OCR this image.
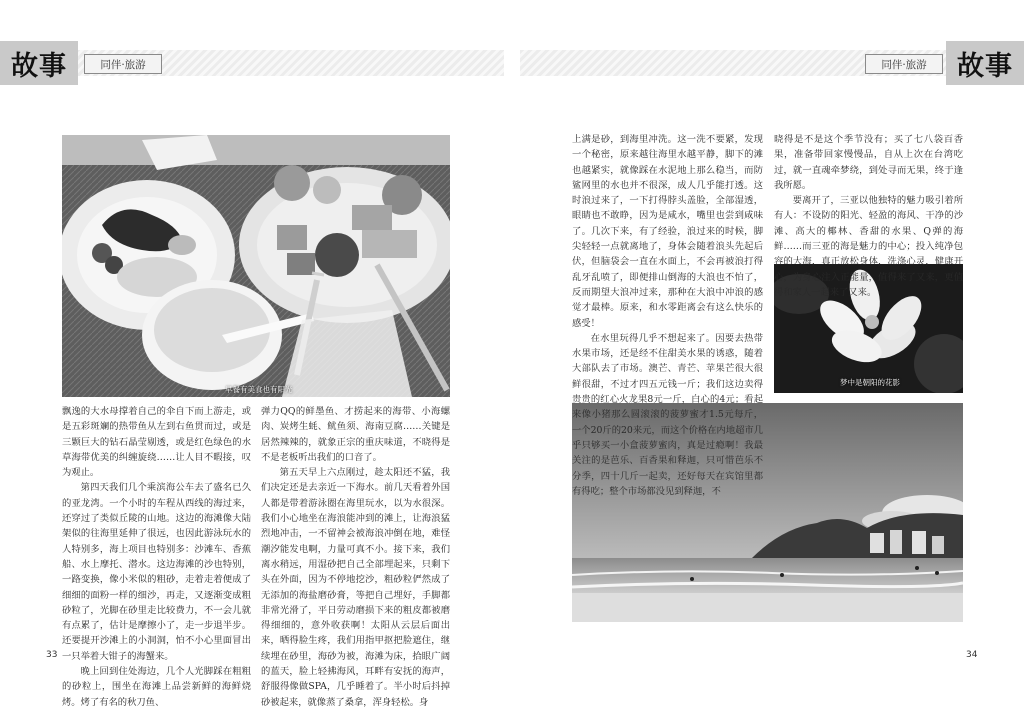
故事	故事
同伴·旅游	同伴·旅游
早餐有美食也有阳光
梦中是朝阳的花影

飘逸的大水母撑着自己的伞自下而上游走，或是五彩斑斓的热带鱼从左到右鱼贯而过，或是三颗巨大的钻石晶莹剔透，或是红色绿色的水草海带优美的纠缠旋绕……让人目不暇接，叹为观止。

第四天我们几个乘滨海公车去了盛名已久的亚龙湾。一个小时的车程从西线的海过来，还穿过了类似丘陵的山地。这边的海滩像大陆架似的往海里延伸了很远，也因此游泳玩水的人特别多，海上项目也特别多：沙滩车、香蕉船、水上摩托、潜水。这边海滩的沙也特别，一路变换，像小米似的粗砂，走着走着便成了细细的面粉一样的细沙，再走，又逐渐变成粗砂粒了，光脚在砂里走比较费力，不一会儿就有点累了，估计是摩擦小了，走一步退半步。还要提开沙滩上的小洞洞，怕不小心里面冒出一只举着大钳子的海蟹来。

晚上回到住处海边，几个人光脚踩在粗粗的砂粒上，围坐在海滩上品尝新鲜的海鲜烧烤。烤了有名的秋刀鱼、

弹力QQ的鲜墨鱼、才捞起来的海带、小海螺肉、炭烤生蚝、鱿鱼须、海南豆腐……关键是居然辣辣的，就象正宗的重庆味道，不晓得是不是老板听出我们的口音了。

第五天早上六点刚过，趁太阳还不猛，我们决定还是去亲近一下海水。前几天看着外国人都是带着游泳圈在海里玩水，以为水很深。我们小心地坐在海浪能冲到的滩上，让海浪猛烈地冲击，一不留神会被海浪冲倒在地，难怪潮汐能发电啊，力量可真不小。接下来，我们离水稍远，用湿砂把自己全部埋起来，只剩下头在外面，因为不停地挖沙，粗砂粒俨然成了无添加的海盐磨砂膏，等把自己埋好，手脚都非常光滑了，平日劳动磨损下来的粗皮都被磨得细细的，意外收获啊！太阳从云层后面出来，晒得脸生疼，我们用指甲抠把脸遮住，继续埋在砂里，海砂为被，海滩为床，拾眼广阔的蓝天，脸上轻拂海风，耳畔有安抚的海声，舒服得像做SPA，几乎睡着了。半小时后抖掉砂被起来，就像蒸了桑拿，浑身轻松。身

上满是砂，到海里冲洗。这一洗不要紧，发现一个秘密，原来越往海里水越平静，脚下的滩也越紧实，就像踩在水泥地上那么稳当，而防鲨网里的水也并不很深，成人几乎能打透。这时浪过来了，一下打得脖头盖脸，全部湿透，眼睛也不敢睁，因为是咸水，嘴里也尝到咸味了。几次下来，有了经验，浪过来的时候，脚尖轻轻一点就离地了，身体会随着浪头先起后伏，但脑袋会一直在水面上，不会再被浪打得乱牙乱喷了，即便排山倒海的大浪也不怕了，反而期望大浪冲过来，那种在大浪中冲浪的感觉才最棒。原来，和水零距离会有这么快乐的感受！

在水里玩得几乎不想起来了。因要去热带水果市场，还是经不住甜美水果的诱惑，随着大部队去了市场。澳芒、青芒、苹果芒很大很鲜很甜，不过才四五元钱一斤；我们这边卖得贵贵的红心火龙果8元一斤，白心的4元；看起来像小猪那么圆滚滚的菠萝蜜才1.5元每斤，一个20斤的20来元，而这个价格在内地超市几乎只够买一小盒菠萝蜜肉，真是过瘾啊！我最关注的是芭乐、百香果和释迦，只可惜芭乐不分季，四十几斤一起卖，还好每天在宾馆里都有得吃；整个市场都没见到释迦，不

晓得是不是这个季节没有；买了七八袋百香果，准备带回家慢慢品，自从上次在台湾吃过，就一直魂牵梦绕，到处寻而无果，终于逢我所愿。

要离开了，三亚以他独特的魅力吸引着所有人：不设防的阳光、轻盈的海风、干净的沙滩、高大的椰林、香甜的水果、Q弹的海鲜……而三亚的海是魅力的中心；投入纯净包容的大海，真正放松身体，洗涤心灵，健康开心，为身心注入正能量，值得来了又来，更值得和家人一起来了又来。

33	34
